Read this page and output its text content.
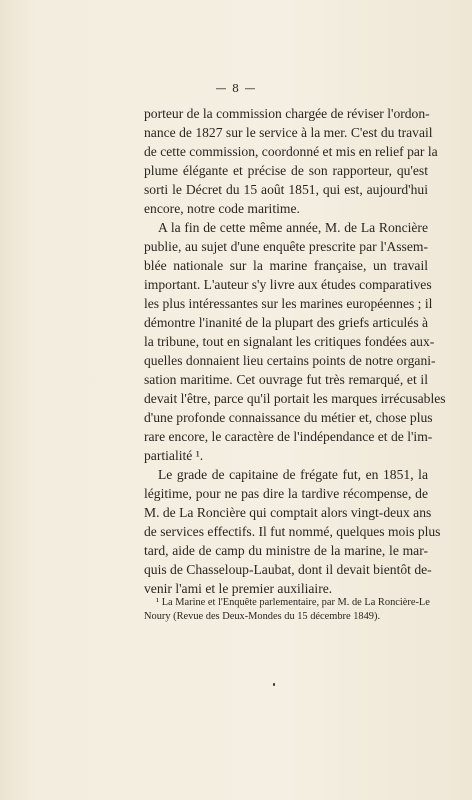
— 8 —

porteur de la commission chargée de réviser l'ordon-
nance de 1827 sur le service à la mer. C'est du travail
de cette commission, coordonné et mis en relief par la
plume élégante et précise de son rapporteur, qu'est
sorti le Décret du 15 août 1851, qui est, aujourd'hui
encore, notre code maritime.

A la fin de cette même année, M. de La Roncière
publie, au sujet d'une enquête prescrite par l'Assem-
blée nationale sur la marine française, un travail
important. L'auteur s'y livre aux études comparatives
les plus intéressantes sur les marines européennes ; il
démontre l'inanité de la plupart des griefs articulés à
la tribune, tout en signalant les critiques fondées aux-
quelles donnaient lieu certains points de notre organi-
sation maritime. Cet ouvrage fut très remarqué, et il
devait l'être, parce qu'il portait les marques irrécusables
d'une profonde connaissance du métier et, chose plus
rare encore, le caractère de l'indépendance et de l'im-
partialité ¹.

Le grade de capitaine de frégate fut, en 1851, la
légitime, pour ne pas dire la tardive récompense, de
M. de La Roncière qui comptait alors vingt-deux ans
de services effectifs. Il fut nommé, quelques mois plus
tard, aide de camp du ministre de la marine, le mar-
quis de Chasseloup-Laubat, dont il devait bientôt de-
venir l'ami et le premier auxiliaire.

¹ La Marine et l'Enquête parlementaire, par M. de La Roncière-Le
Noury (Revue des Deux-Mondes du 15 décembre 1849).
